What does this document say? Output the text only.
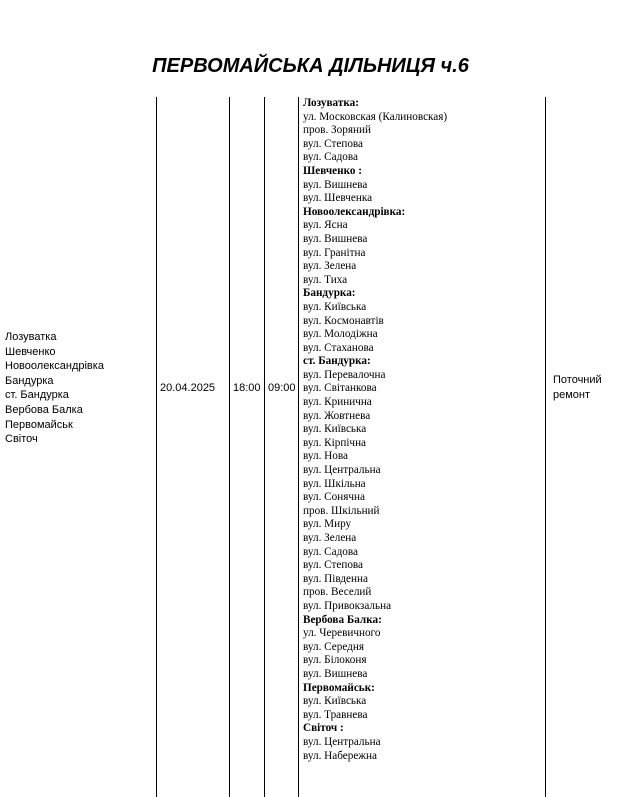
ПЕРВОМАЙСЬКА ДІЛЬНИЦЯ ч.6
Лозуватка
Шевченко
Новоолександрівка
Бандурка
ст. Бандурка
Вербова Балка
Первомайськ
Світоч
20.04.2025 18:00 09:00
Поточний
ремонт
Лозуватка:
ул. Московская (Калиновская)
пров. Зоряний
вул. Степова
вул. Садова
Шевченко :
вул. Вишнева
вул. Шевченка
Новоолександрівка:
вул. Ясна
вул. Вишнева
вул. Гранітна
вул. Зелена
вул. Тиха
Бандурка:
вул. Київська
вул. Космонавтів
вул. Молодіжна
вул. Стаханова
ст. Бандурка:
вул. Перевалочна
вул. Світанкова
вул. Кринична
вул. Жовтнева
вул. Київська
вул. Кірпічна
вул. Нова
вул. Центральна
вул. Шкільна
вул. Сонячна
пров. Шкільний
вул. Миру
вул. Зелена
вул. Садова
вул. Степова
вул. Південна
пров. Веселий
вул. Привокзальна
Вербова Балка:
ул. Черевичного
вул. Середня
вул. Білоконя
вул. Вишнева
Первомайськ:
вул. Київська
вул. Травнева
Світоч :
вул. Центральна
вул. Набережна
